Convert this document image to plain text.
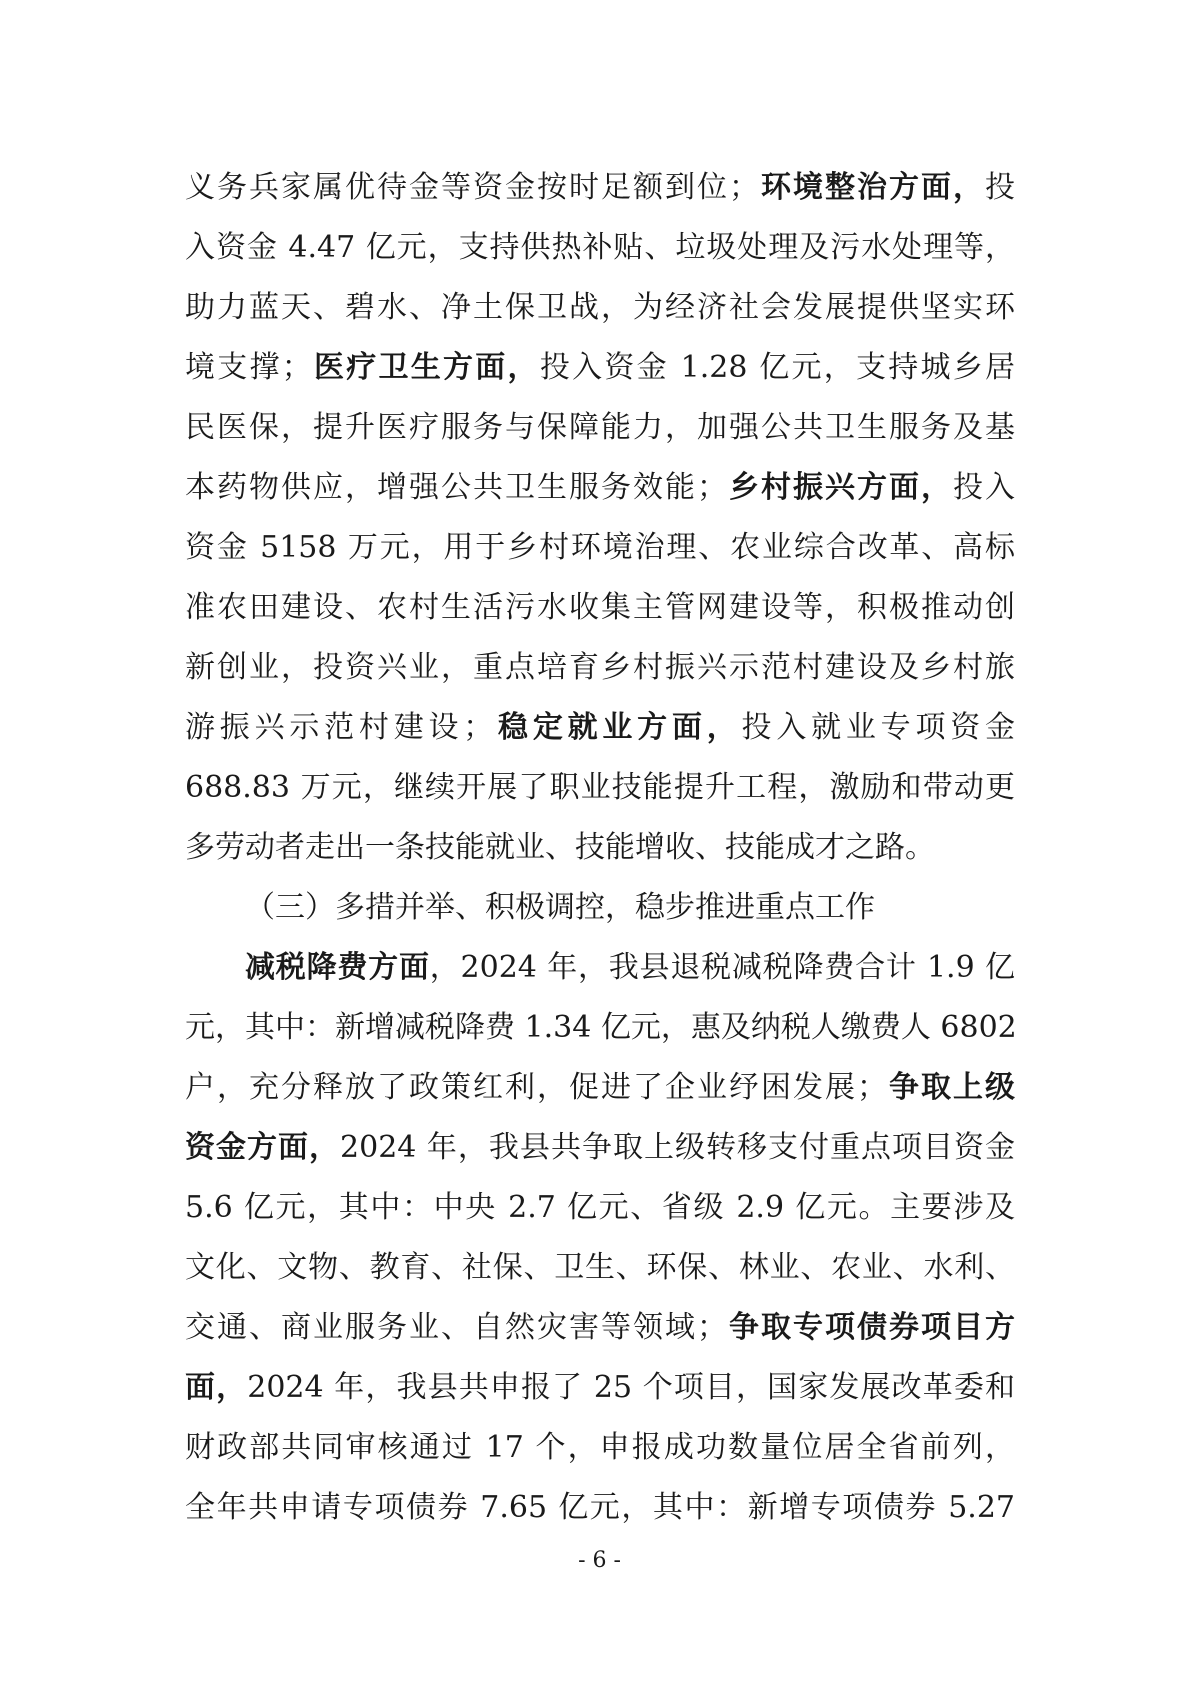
义务兵家属优待金等资金按时足额到位；环境整治方面，投
入资金 4.47 亿元，支持供热补贴、垃圾处理及污水处理等，
助力蓝天、碧水、净土保卫战，为经济社会发展提供坚实环
境支撑；医疗卫生方面，投入资金 1.28 亿元，支持城乡居
民医保，提升医疗服务与保障能力，加强公共卫生服务及基
本药物供应，增强公共卫生服务效能；乡村振兴方面，投入
资金 5158 万元，用于乡村环境治理、农业综合改革、高标
准农田建设、农村生活污水收集主管网建设等，积极推动创
新创业，投资兴业，重点培育乡村振兴示范村建设及乡村旅
游振兴示范村建设；稳定就业方面，投入就业专项资金
688.83 万元，继续开展了职业技能提升工程，激励和带动更
多劳动者走出一条技能就业、技能增收、技能成才之路。
（三）多措并举、积极调控，稳步推进重点工作
减税降费方面，2024 年，我县退税减税降费合计 1.9 亿
元，其中：新增减税降费 1.34 亿元，惠及纳税人缴费人 6802
户，充分释放了政策红利，促进了企业纾困发展；争取上级
资金方面，2024 年，我县共争取上级转移支付重点项目资金
5.6 亿元，其中：中央 2.7 亿元、省级 2.9 亿元。主要涉及
文化、文物、教育、社保、卫生、环保、林业、农业、水利、
交通、商业服务业、自然灾害等领域；争取专项债券项目方
面，2024 年，我县共申报了 25 个项目，国家发展改革委和
财政部共同审核通过 17 个，申报成功数量位居全省前列，
全年共申请专项债券 7.65 亿元，其中：新增专项债券 5.27
- 6 -
